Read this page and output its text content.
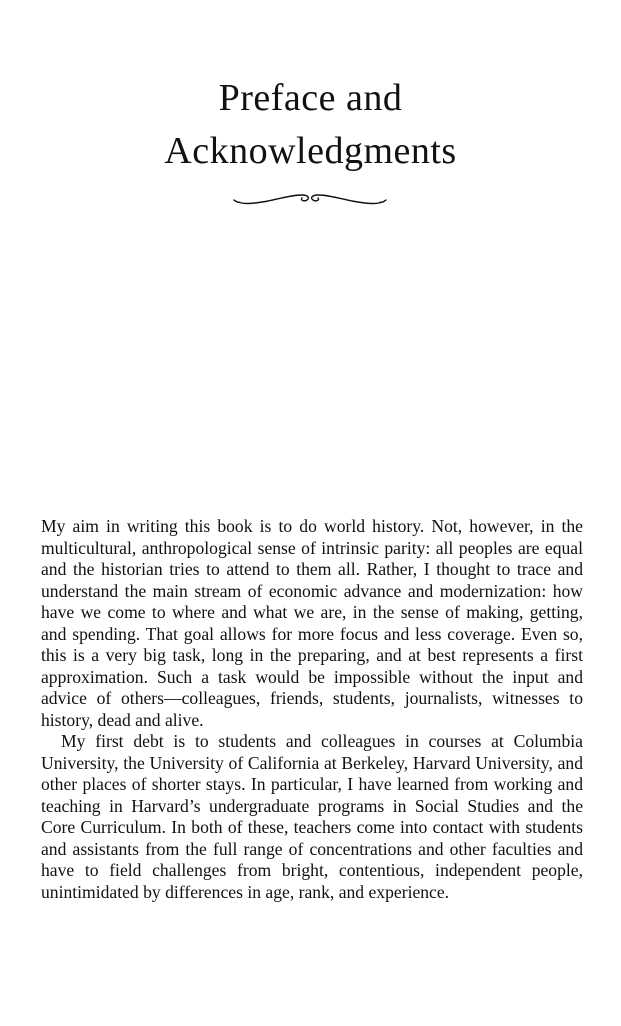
Preface and
Acknowledgments

My aim in writing this book is to do world history. Not, however, in the multicultural, anthropological sense of intrinsic parity: all peoples are equal and the historian tries to attend to them all. Rather, I thought to trace and understand the main stream of economic advance and modernization: how have we come to where and what we are, in the sense of making, getting, and spending. That goal allows for more focus and less coverage. Even so, this is a very big task, long in the preparing, and at best represents a first approximation. Such a task would be impossible without the input and advice of others—colleagues, friends, students, journalists, witnesses to history, dead and alive.

My first debt is to students and colleagues in courses at Columbia University, the University of California at Berkeley, Harvard University, and other places of shorter stays. In particular, I have learned from working and teaching in Harvard’s undergraduate programs in Social Studies and the Core Curriculum. In both of these, teachers come into contact with students and assistants from the full range of concentrations and other faculties and have to field challenges from bright, contentious, independent people, unintimidated by differences in age, rank, and experience.
